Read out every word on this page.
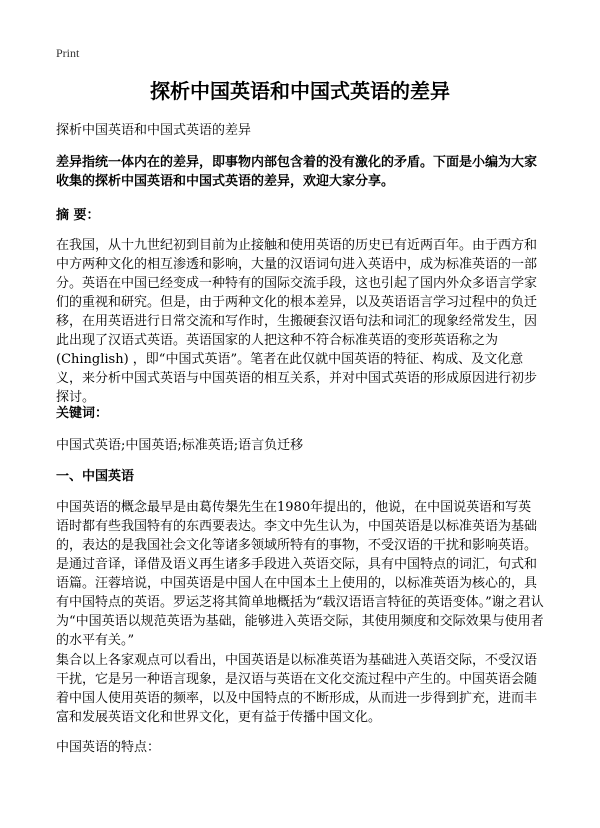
Print
探析中国英语和中国式英语的差异

探析中国英语和中国式英语的差异

差异指统一体内在的差异，即事物内部包含着的没有激化的矛盾。下面是小编为大家收集的探析中国英语和中国式英语的差异，欢迎大家分享。

摘 要：

在我国，从十九世纪初到目前为止接触和使用英语的历史已有近两百年。由于西方和中方两种文化的相互渗透和影响，大量的汉语词句进入英语中，成为标准英语的一部分。英语在中国已经变成一种特有的国际交流手段，这也引起了国内外众多语言学家们的重视和研究。但是，由于两种文化的根本差异，以及英语语言学习过程中的负迁移，在用英语进行日常交流和写作时，生搬硬套汉语句法和词汇的现象经常发生，因此出现了汉语式英语。英语国家的人把这种不符合标准英语的变形英语称之为(Chinglish) ，即“中国式英语”。笔者在此仅就中国英语的特征、构成、及文化意义，来分析中国式英语与中国英语的相互关系，并对中国式英语的形成原因进行初步探讨。

关键词：

中国式英语;中国英语;标准英语;语言负迁移

一、中国英语

中国英语的概念最早是由葛传槼先生在1980年提出的，他说，在中国说英语和写英语时都有些我国特有的东西要表达。李文中先生认为，中国英语是以标准英语为基础的，表达的是我国社会文化等诸多领域所特有的事物，不受汉语的干扰和影响英语。是通过音译，译借及语义再生诸多手段进入英语交际，具有中国特点的词汇，句式和语篇。汪蓉培说，中国英语是中国人在中国本土上使用的，以标准英语为核心的，具有中国特点的英语。罗运芝将其简单地概括为“载汉语语言特征的英语变体。”谢之君认为“中国英语以规范英语为基础，能够进入英语交际，其使用频度和交际效果与使用者的水平有关。”

集合以上各家观点可以看出，中国英语是以标准英语为基础进入英语交际，不受汉语干扰，它是另一种语言现象，是汉语与英语在文化交流过程中产生的。中国英语会随着中国人使用英语的频率，以及中国特点的不断形成，从而进一步得到扩充，进而丰富和发展英语文化和世界文化，更有益于传播中国文化。

中国英语的特点：
